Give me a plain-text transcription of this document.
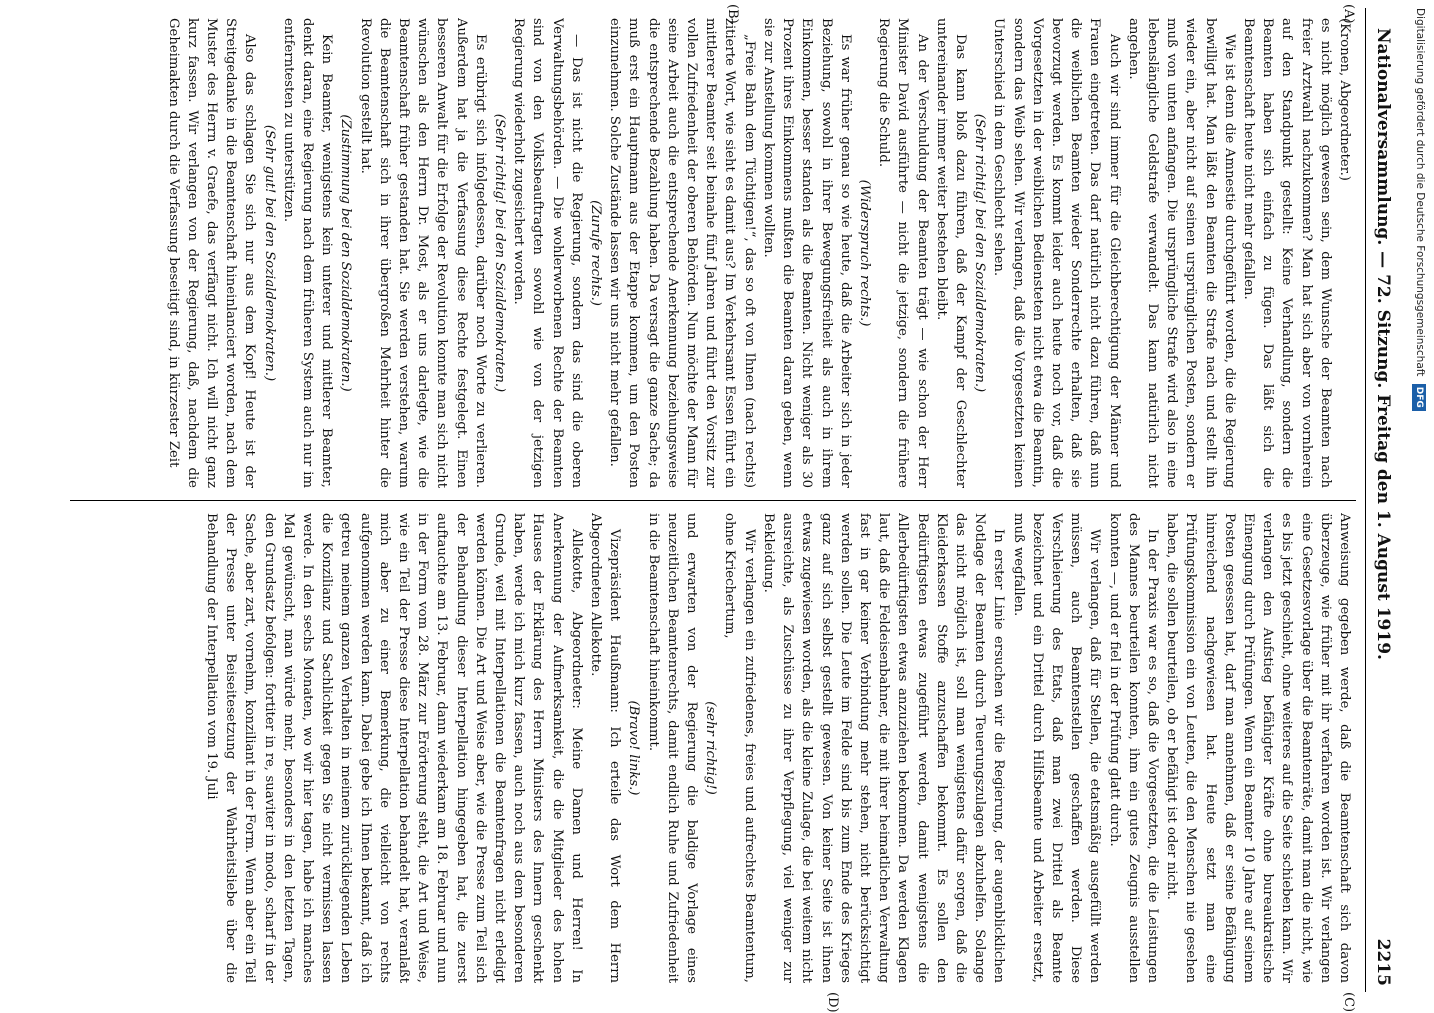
Nationalversammlung. — 72. Sitzung. Freitag den 1. August 1919.
2215
(A)
(B)

(Kronen, Abgeordneter.)

es nicht möglich gewesen sein, dem Wunsche der Beamten nach freier Arztwahl nachzukommen? Man hat sich aber von vornherein auf den Standpunkt gestellt: Keine Verhandlung, sondern die Beamten haben sich einfach zu fügen. Das läßt sich die Beamtenschaft heute nicht mehr gefallen.

Wie ist denn die Amnestie durchgeführt worden, die die Regierung bewilligt hat. Man läßt den Beamten die Strafe nach und stellt ihn wieder ein, aber nicht auf seinen ursprünglichen Posten, sondern er muß von unten anfangen. Die ursprüngliche Strafe wird also in eine lebenslängliche Geldstrafe verwandelt. Das kann natürlich nicht angehen.

Auch wir sind immer für die Gleichberechtigung der Männer und Frauen eingetreten. Das darf natürlich nicht dazu führen, daß nun die weiblichen Beamten wieder Sonderrechte erhalten, daß sie bevorzugt werden. Es kommt leider auch heute noch vor, daß die Vorgesetzten in der weiblichen Bediensteten nicht etwa die Beamtin, sondern das Weib sehen. Wir verlangen, daß die Vorgesetzten keinen Unterschied in dem Geschlecht sehen.

(Sehr richtig! bei den Sozialdemokraten.)

Das kann bloß dazu führen, daß der Kampf der Geschlechter untereinander immer weiter bestehen bleibt.

An der Verschuldung der Beamten trägt — wie schon der Herr Minister David ausführte — nicht die jetzige, sondern die frühere Regierung die Schuld.

(Widerspruch rechts.)

Es war früher genau so wie heute, daß die Arbeiter sich in jeder Beziehung, sowohl in ihrer Bewegungsfreiheit als auch in ihrem Einkommen, besser standen als die Beamten. Nicht weniger als 30 Prozent ihres Einkommens mußten die Beamten daran geben, wenn sie zur Anstellung kommen wollten.

„Freie Bahn dem Tüchtigen!“, das so oft von Ihnen (nach rechts) zitierte Wort, wie sieht es damit aus? Im Verkehrsamt Essen führt ein mittlerer Beamter seit beinahe fünf Jahren und führt den Vorsitz zur vollen Zufriedenheit der oberen Behörden. Nun möchte der Mann für seine Arbeit auch die entsprechende Anerkennung beziehungsweise die entsprechende Bezahlung haben. Da versagt die ganze Sache; da muß erst ein Hauptmann aus der Etappe kommen, um den Posten einzunehmen. Solche Zustände lassen wir uns nicht mehr gefallen.

(Zurufe rechts.)

— Das ist nicht die Regierung, sondern das sind die oberen Verwaltungsbehörden. — Die wohlerworbenen Rechte der Beamten sind von den Volksbeauftragten sowohl wie von der jetzigen Regierung wiederholt zugesichert worden.

(Sehr richtig! bei den Sozialdemokraten.)

Es erübrigt sich infolgedessen, darüber noch Worte zu verlieren. Außerdem hat ja die Verfassung diese Rechte festgelegt. Einen besseren Anwalt für die Erfolge der Revolution konnte man sich nicht wünschen als den Herrn Dr. Most, als er uns darlegte, wie die Beamtenschaft früher gestanden hat. Sie werden verstehen, warum die Beamtenschaft sich in ihrer übergroßen Mehrheit hinter die Revolution gestellt hat.

(Zustimmung bei den Sozialdemokraten.)

Kein Beamter, wenigstens kein unterer und mittlerer Beamter, denkt daran, eine Regierung nach dem früheren System auch nur im entferntesten zu unterstützen.

(Sehr gut! bei den Sozialdemokraten.)

Also das schlagen Sie sich nur aus dem Kopf! Heute ist der Streitgedanke in die Beamtenschaft hineinlanciert worden, nach dem Muster des Herrn v. Graefe, das verfängt nicht. Ich will nicht ganz kurz fassen. Wir verlangen von der Regierung, daß, nachdem die Geheimakten durch die Verfassung beseitigt sind, in kürzester Zeit

Anweisung gegeben werde, daß die Beamtenschaft sich davon überzeuge, wie früher mit ihr verfahren worden ist. Wir verlangen eine Gesetzesvorlage über die Beamtenräte, damit man die nicht, wie es bis jetzt geschieht, ohne weiteres auf die Seite schieben kann. Wir verlangen den Aufstieg befähigter Kräfte ohne bureaukratische Einengung durch Prüfungen. Wenn ein Beamter 10 Jahre auf seinem Posten gesessen hat, darf man annehmen, daß er seine Befähigung hinreichend nachgewiesen hat. Heute setzt man eine Prüfungskommission ein von Leuten, die den Menschen nie gesehen haben, die sollen beurteilen, ob er befähigt ist oder nicht.

In der Praxis war es so, daß die Vorgesetzten, die die Leistungen des Mannes beurteilen konnten, ihm ein gutes Zeugnis ausstellen konnten —, und er fiel in der Prüfung glatt durch.

Wir verlangen, daß für Stellen, die etatsmäßig ausgefüllt werden müssen, auch Beamtenstellen geschaffen werden. Diese Verschleierung des Etats, daß man zwei Drittel als Beamte bezeichnet und ein Drittel durch Hilfsbeamte und Arbeiter ersetzt, muß wegfallen.

In erster Linie ersuchen wir die Regierung, der augenblicklichen Notlage der Beamten durch Teuerungszulagen abzuhelfen. Solange das nicht möglich ist, soll man wenigstens dafür sorgen, daß die Kleiderkassen Stoffe anzuschaffen bekommt. Es sollen den Bedürftigsten etwas zugeführt werden, damit wenigstens die Allerbedürftigsten etwas anzuziehen bekommen. Da werden Klagen laut, daß die Feldeisenbahner, die mit ihrer heimatlichen Verwaltung fast in gar keiner Verbindung mehr stehen, nicht berücksichtigt werden sollen. Die Leute im Felde sind bis zum Ende des Krieges ganz auf sich selbst gestellt gewesen. Von keiner Seite ist ihnen etwas zugewiesen worden, als die kleine Zulage, die bei weitem nicht ausreichte, als Zuschüsse zu ihrer Verpflegung, viel weniger zur Bekleidung.

Wir verlangen ein zufriedenes, freies und aufrechtes Beamtentum, ohne Kriechertum,

(sehr richtig!)

und erwarten von der Regierung die baldige Vorlage eines neuzeitlichen Beamtenrechts, damit endlich Ruhe und Zufriedenheit in die Beamtenschaft hineinkommt.

(Bravo! links.)

Vizepräsident Haußmann: Ich erteile das Wort dem Herrn Abgeordneten Allekotte.

Allekotte, Abgeordneter: Meine Damen und Herren! In Anerkennung der Aufmerksamkeit, die die Mitglieder des hohen Hauses der Erklärung des Herrn Ministers des Innern geschenkt haben, werde ich mich kurz fassen, auch noch aus dem besonderen Grunde, weil mit Interpellationen die Beamtenfragen nicht erledigt werden können. Die Art und Weise aber, wie die Presse zum Teil sich der Behandlung dieser Interpellation hingegeben hat, die zuerst auftauchte am 13. Februar, dann wiederkam am 18. Februar und nun in der Form vom 28. März zur Erörterung steht, die Art und Weise, wie ein Teil der Presse diese Interpellation behandelt hat, veranlaßt mich aber zu einer Bemerkung, die vielleicht von rechts aufgenommen werden kann. Dabei gebe ich Ihnen bekannt, daß ich getreu meinem ganzen Verhalten in meinem zurückliegenden Leben die Konzilianz und Sachlichkeit gegen Sie nicht vermissen lassen werde. In den sechs Monaten, wo wir hier tagen, habe ich manches Mal gewünscht, man würde mehr, besonders in den letzten Tagen, den Grundsatz befolgen: fortiter in re, suaviter in modo, scharf in der Sache, aber zart, vornehm, konziliant in der Form. Wenn aber ein Teil der Presse unter Beiseitesetzung der Wahrheitsliebe über die Behandlung der Interpellation vom 19. Juli

(C)
(D)
Digitalisierung gefördert durch die Deutsche Forschungsgemeinschaft DFG
